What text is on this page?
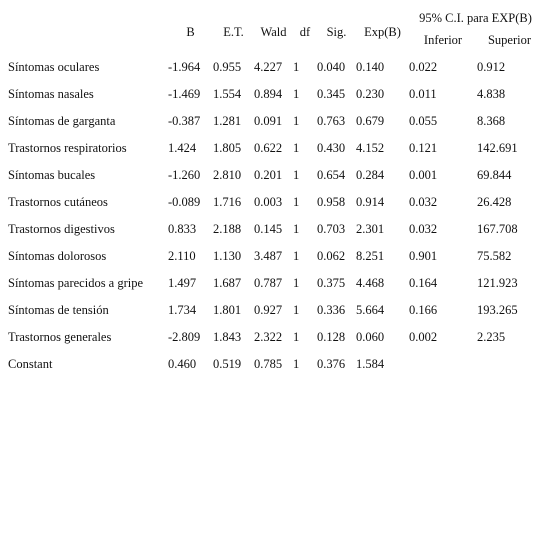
	B	E.T.	Wald	df	Sig.	Exp(B)	95% C.I. para EXP(B)	
							Inferior	Superior
Síntomas oculares	-1.964	0.955	4.227	1	0.040	0.140	0.022	0.912
Síntomas nasales	-1.469	1.554	0.894	1	0.345	0.230	0.011	4.838
Síntomas de garganta	-0.387	1.281	0.091	1	0.763	0.679	0.055	8.368
Trastornos respiratorios	1.424	1.805	0.622	1	0.430	4.152	0.121	142.691
Síntomas bucales	-1.260	2.810	0.201	1	0.654	0.284	0.001	69.844
Trastornos cutáneos	-0.089	1.716	0.003	1	0.958	0.914	0.032	26.428
Trastornos digestivos	0.833	2.188	0.145	1	0.703	2.301	0.032	167.708
Síntomas dolorosos	2.110	1.130	3.487	1	0.062	8.251	0.901	75.582
Síntomas parecidos a gripe	1.497	1.687	0.787	1	0.375	4.468	0.164	121.923
Síntomas de tensión	1.734	1.801	0.927	1	0.336	5.664	0.166	193.265
Trastornos generales	-2.809	1.843	2.322	1	0.128	0.060	0.002	2.235
Constant	0.460	0.519	0.785	1	0.376	1.584		
